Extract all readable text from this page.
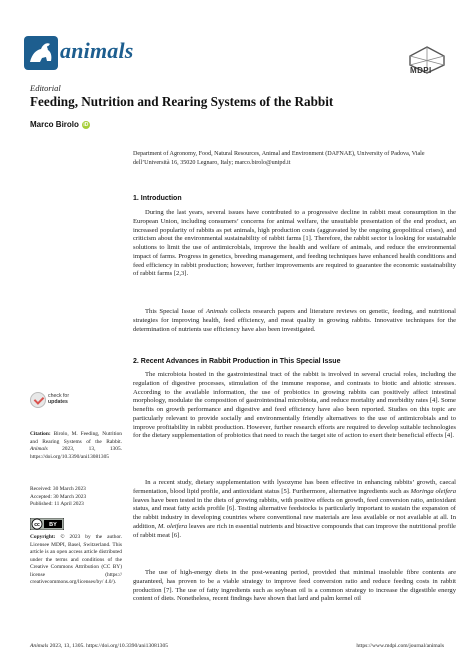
animals
MDPI
Editorial
Feeding, Nutrition and Rearing Systems of the Rabbit
Marco Birolo iD
Department of Agronomy, Food, Natural Resources, Animal and Environment (DAFNAE), University of Padova, Viale dell’Università 16, 35020 Legnaro, Italy; marco.birolo@unipd.it
1. Introduction
During the last years, several issues have contributed to a progressive decline in rabbit meat consumption in the European Union, including consumers’ concerns for animal welfare, the unsuitable presentation of the end product, an increased popularity of rabbits as pet animals, high production costs (aggravated by the ongoing geopolitical crises), and criticism about the environmental sustainability of rabbit farms [1]. Therefore, the rabbit sector is looking for sustainable solutions to limit the use of antimicrobials, improve the health and welfare of animals, and reduce the environmental impact of farms. Progress in genetics, breeding management, and feeding techniques have enhanced health conditions and feed efficiency in rabbit production; however, further improvements are required to guarantee the economic sustainability of rabbit farms [2,3].
This Special Issue of Animals collects research papers and literature reviews on genetic, feeding, and nutritional strategies for improving health, feed efficiency, and meat quality in growing rabbits. Innovative techniques for the determination of nutrients use efficiency have also been investigated.
2. Recent Advances in Rabbit Production in This Special Issue
The microbiota hosted in the gastrointestinal tract of the rabbit is involved in several crucial roles, including the regulation of digestive processes, stimulation of the immune response, and contrasts to biotic and abiotic stresses. According to the available information, the use of probiotics in growing rabbits can positively affect intestinal morphology, modulate the composition of gastrointestinal microbiota, and reduce mortality and morbidity rates [4]. Some benefits on growth performance and digestive and feed efficiency have also been reported. Studies on this topic are particularly relevant to provide socially and environmentally friendly alternatives to the use of antimicrobials and to improve profitability in rabbit production. However, further research efforts are required to develop suitable technologies for the dietary supplementation of probiotics that need to reach the target site of action to exert their beneficial effects [4].
In a recent study, dietary supplementation with lysozyme has been effective in enhancing rabbits’ growth, caecal fermentation, blood lipid profile, and antioxidant status [5]. Furthermore, alternative ingredients such as Moringa oleifera leaves have been tested in the diets of growing rabbits, with positive effects on growth, feed conversion ratio, antioxidant status, and meat fatty acids profile [6]. Testing alternative feedstocks is particularly important to sustain the expansion of the rabbit industry in developing countries where conventional raw materials are less available or not available at all. In addition, M. oleifera leaves are rich in essential nutrients and bioactive compounds that can improve the nutritional profile of rabbit meat [6].
The use of high-energy diets in the post-weaning period, provided that minimal insoluble fibre contents are guaranteed, has proven to be a viable strategy to improve feed conversion ratio and reduce feeding costs in rabbit production [7]. The use of fatty ingredients such as soybean oil is a common strategy to increase the digestible energy content of diets. Nonetheless, recent findings have shown that lard and palm kernel oil
check for
updates
Citation: Birolo, M. Feeding, Nutrition and Rearing Systems of the Rabbit. Animals 2023, 13, 1305. https://doi.org/10.3390/ani13081305
Received: 30 March 2023
Accepted: 30 March 2023
Published: 11 April 2023
cc BY
Copyright: © 2023 by the author. Licensee MDPI, Basel, Switzerland. This article is an open access article distributed under the terms and conditions of the Creative Commons Attribution (CC BY) license (https:// creativecommons.org/licenses/by/ 4.0/).
Animals 2023, 13, 1305. https://doi.org/10.3390/ani13081305	https://www.mdpi.com/journal/animals
